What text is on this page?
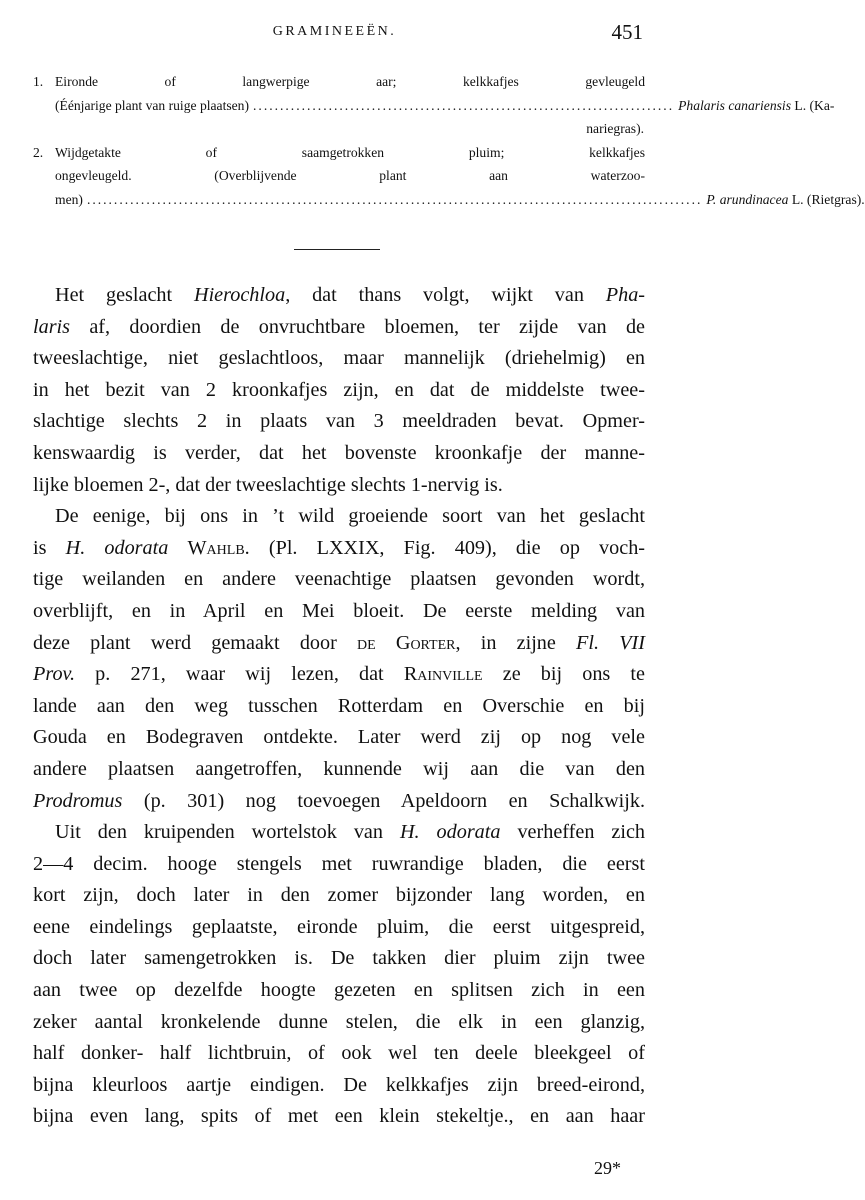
GRAMINEEËN.	451
1. Eironde of langwerpige aar; kelkkafjes gevleugeld
(Éénjarige plant van ruige plaatsen) .............................................................................. Phalaris canariensis L. (Ka-
nariegras).
2. Wijdgetakte of saamgetrokken pluim; kelkkafjes
ongevleugeld. (Overblijvende plant aan waterzoo-
men) .................................................................................................................. P. arundinacea L. (Rietgras).
Het geslacht Hierochloa, dat thans volgt, wijkt van Pha-
laris af, doordien de onvruchtbare bloemen, ter zijde van de
tweeslachtige, niet geslachtloos, maar mannelijk (driehelmig) en
in het bezit van 2 kroonkafjes zijn, en dat de middelste twee-
slachtige slechts 2 in plaats van 3 meeldraden bevat. Opmer-
kenswaardig is verder, dat het bovenste kroonkafje der manne-
lijke bloemen 2-, dat der tweeslachtige slechts 1-nervig is.
De eenige, bij ons in ’t wild groeiende soort van het geslacht
is H. odorata Wahlb. (Pl. LXXIX, Fig. 409), die op voch-
tige weilanden en andere veenachtige plaatsen gevonden wordt,
overblijft, en in April en Mei bloeit. De eerste melding van
deze plant werd gemaakt door de Gorter, in zijne Fl. VII
Prov. p. 271, waar wij lezen, dat Rainville ze bij ons te
lande aan den weg tusschen Rotterdam en Overschie en bij
Gouda en Bodegraven ontdekte. Later werd zij op nog vele
andere plaatsen aangetroffen, kunnende wij aan die van den
Prodromus (p. 301) nog toevoegen Apeldoorn en Schalkwijk.
Uit den kruipenden wortelstok van H. odorata verheffen zich
2—4 decim. hooge stengels met ruwrandige bladen, die eerst
kort zijn, doch later in den zomer bijzonder lang worden, en
eene eindelings geplaatste, eironde pluim, die eerst uitgespreid,
doch later samengetrokken is. De takken dier pluim zijn twee
aan twee op dezelfde hoogte gezeten en splitsen zich in een
zeker aantal kronkelende dunne stelen, die elk in een glanzig,
half donker- half lichtbruin, of ook wel ten deele bleekgeel of
bijna kleurloos aartje eindigen. De kelkkafjes zijn breed-eirond,
bijna even lang, spits of met een klein stekeltje., en aan haar
29*
